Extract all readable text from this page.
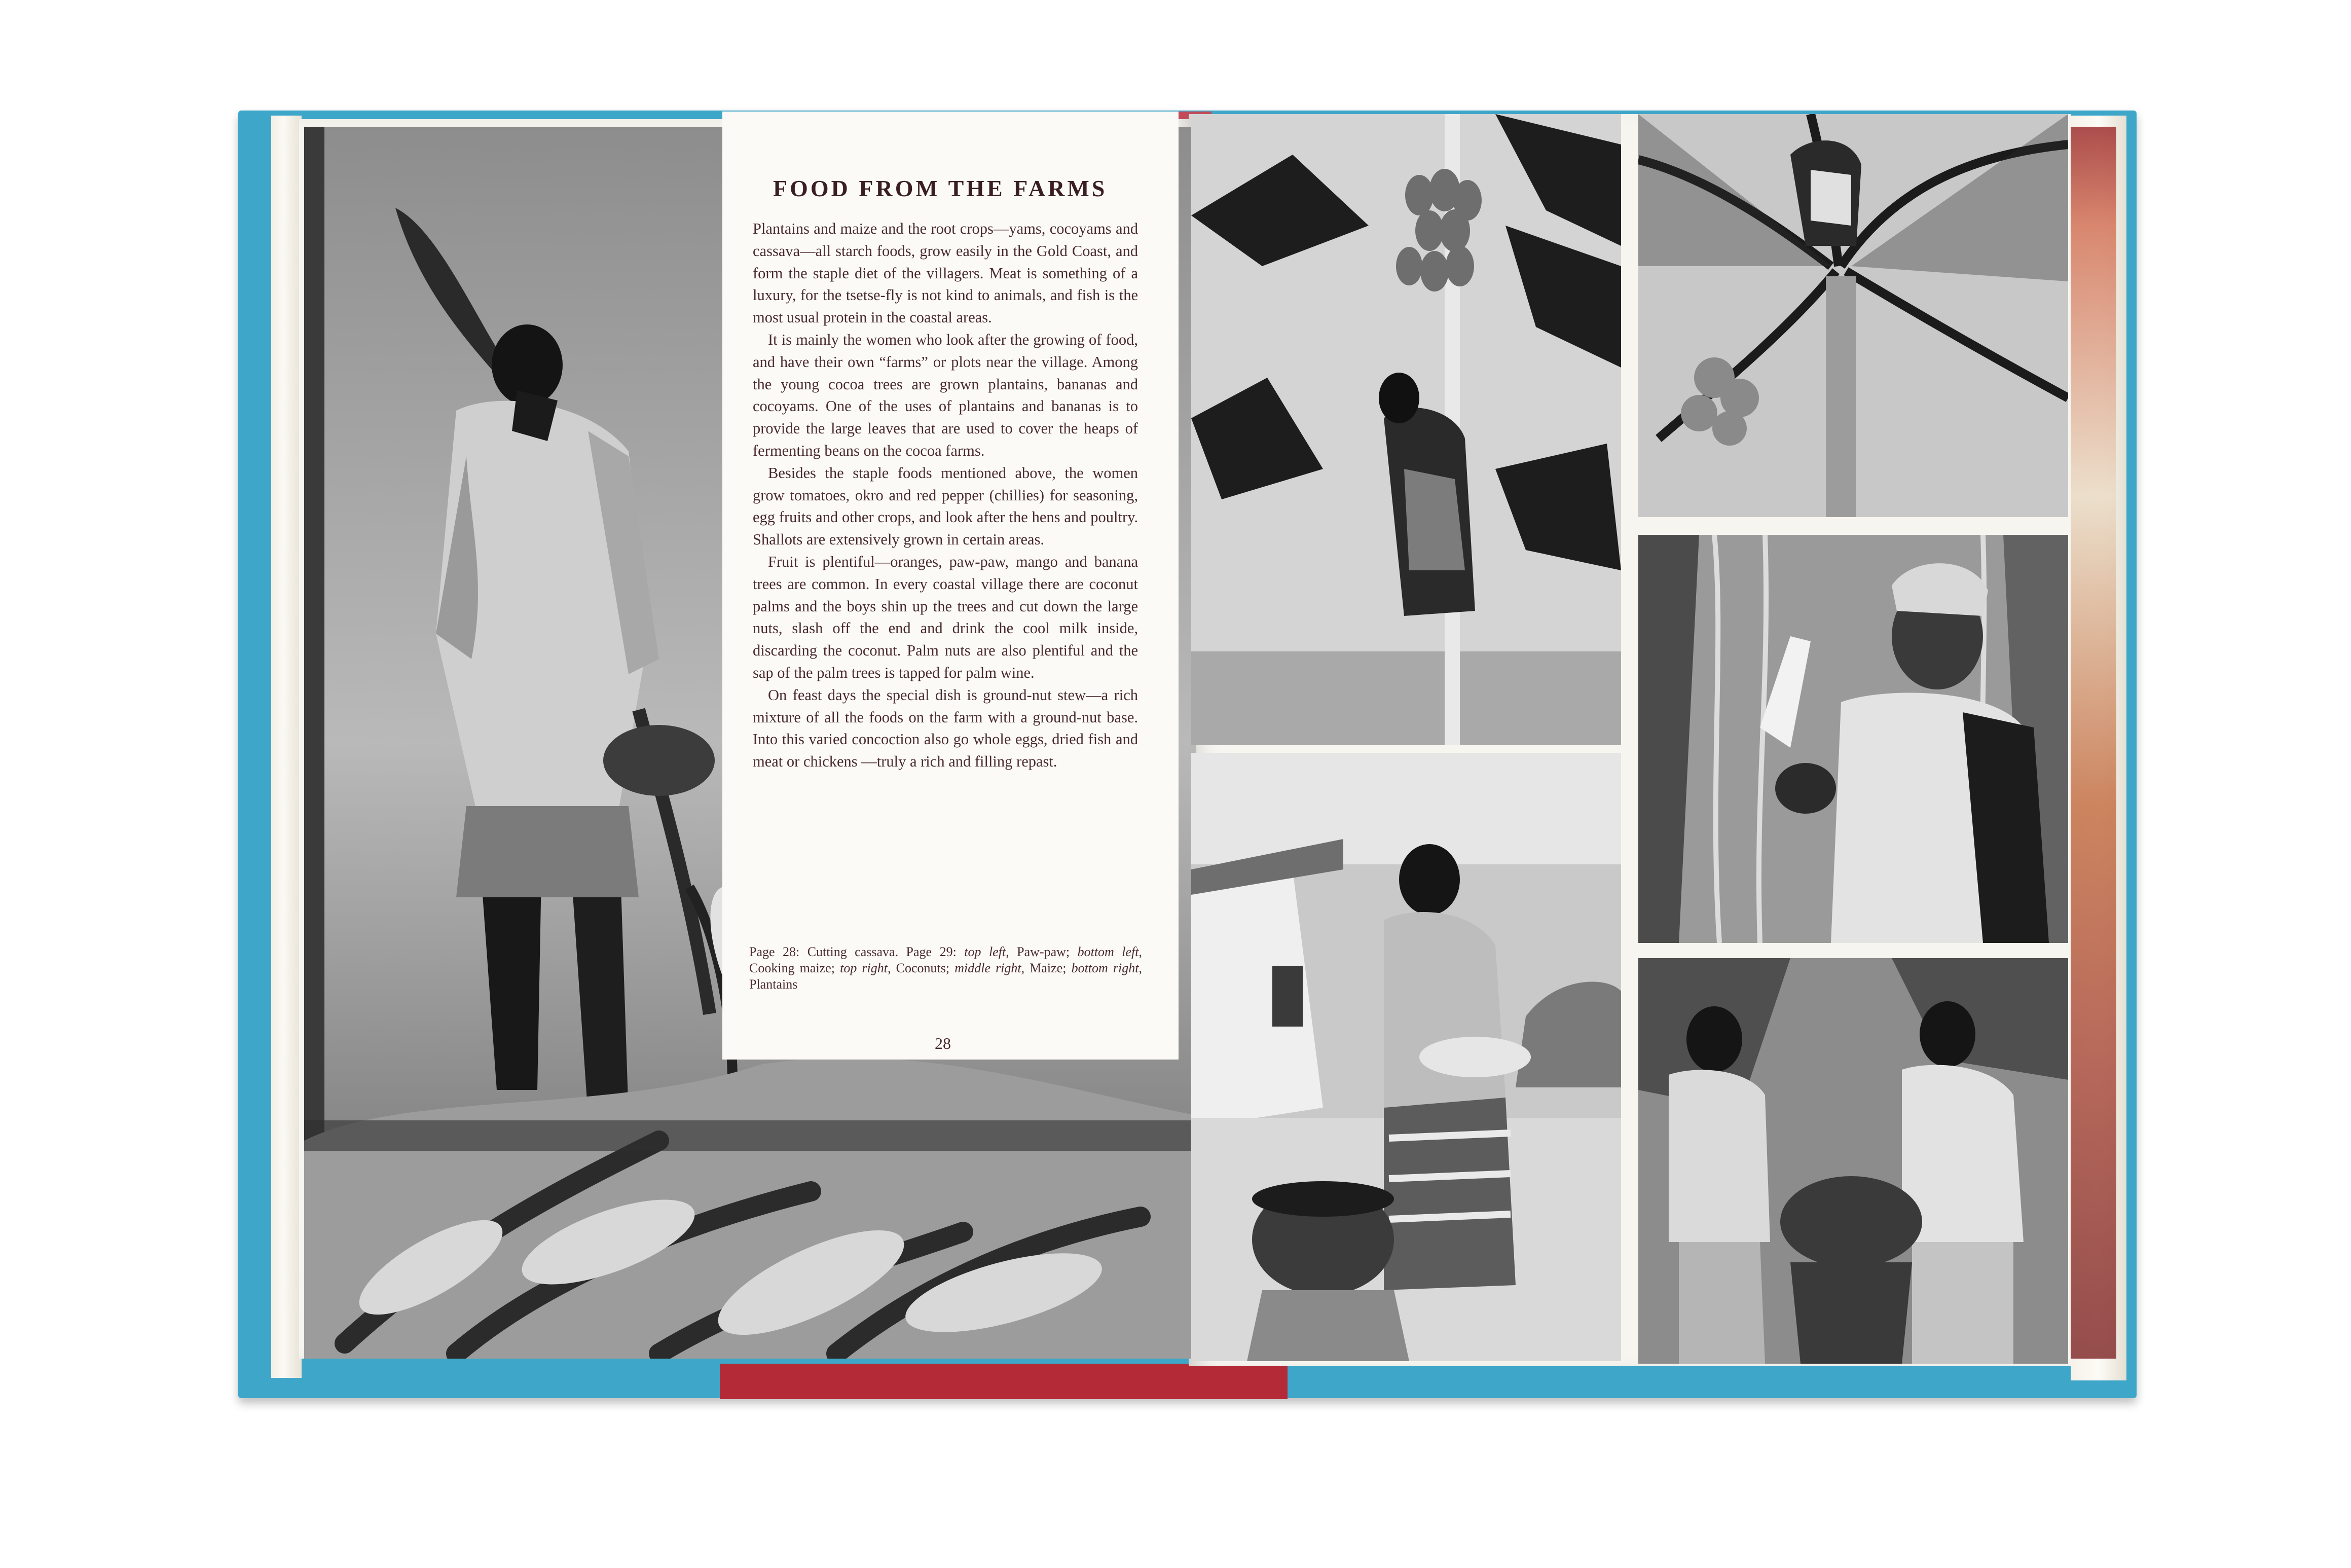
FOOD FROM THE FARMS

Plantains and maize and the root crops—yams, cocoyams and cassava—all starch foods, grow easily in the Gold Coast, and form the staple diet of the villagers. Meat is something of a luxury, for the tsetse-fly is not kind to animals, and fish is the most usual protein in the coastal areas.

It is mainly the women who look after the growing of food, and have their own “farms” or plots near the village. Among the young cocoa trees are grown plantains, bananas and cocoyams. One of the uses of plantains and bananas is to provide the large leaves that are used to cover the heaps of fermenting beans on the cocoa farms.

Besides the staple foods mentioned above, the women grow tomatoes, okro and red pepper (chillies) for seasoning, egg fruits and other crops, and look after the hens and poultry. Shallots are extensively grown in certain areas.

Fruit is plentiful—oranges, paw-paw, mango and banana trees are common. In every coastal village there are coconut palms and the boys shin up the trees and cut down the large nuts, slash off the end and drink the cool milk inside, discarding the coconut. Palm nuts are also plentiful and the sap of the palm trees is tapped for palm wine.

On feast days the special dish is ground-nut stew—a rich mixture of all the foods on the farm with a ground-nut base. Into this varied concoction also go whole eggs, dried fish and meat or chickens —truly a rich and filling repast.

Page 28: Cutting cassava. Page 29: top left, Paw-paw; bottom left, Cooking maize; top right, Coconuts; middle right, Maize; bottom right, Plantains
28
